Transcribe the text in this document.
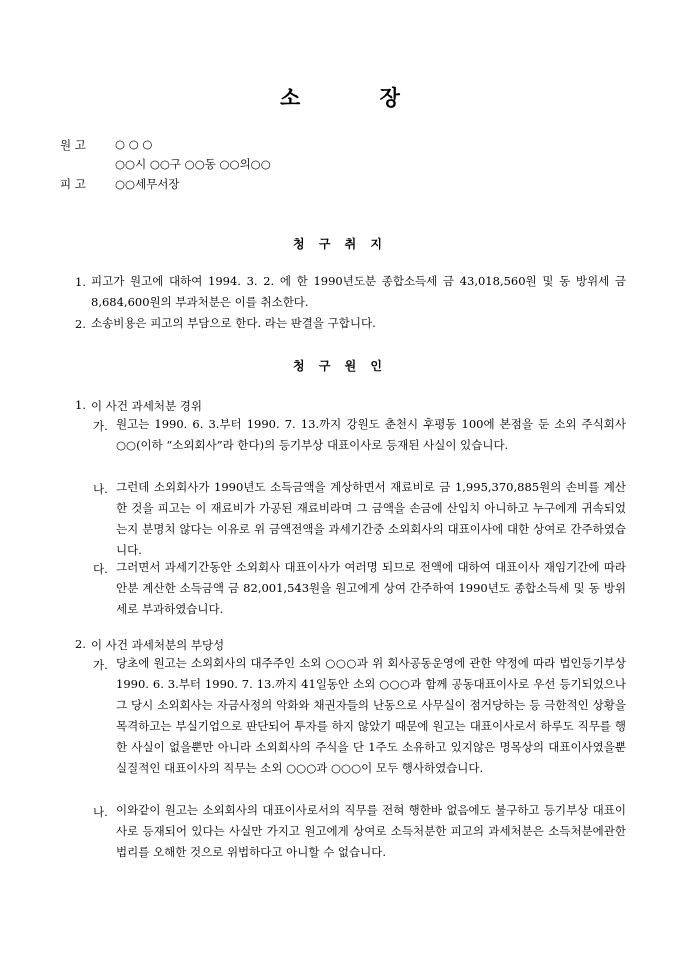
소 장
원 고	○ ○ ○
○○시 ○○구 ○○동 ○○의○○
피 고	○○세무서장
청 구 취 지
1. 피고가 원고에 대하여 1994. 3. 2. 에 한 1990년도분 종합소득세 금 43,018,560원 및 동 방위세 금 8,684,600원의 부과처분은 이를 취소한다.
2. 소송비용은 피고의 부담으로 한다. 라는 판결을 구합니다.
청 구 원 인
1. 이 사건 과세처분 경위
가. 원고는 1990. 6. 3.부터 1990. 7. 13.까지 강원도 춘천시 후평동 100에 본점을 둔 소외 주식회사 ○○(이하 “소외회사”라 한다)의 등기부상 대표이사로 등재된 사실이 있습니다.
나. 그런데 소외회사가 1990년도 소득금액을 계상하면서 재료비로 금 1,995,370,885원의 손비를 계산한 것을 피고는 이 재료비가 가공된 재료비라며 그 금액을 손금에 산입치 아니하고 누구에게 귀속되었는지 분명치 않다는 이유로 위 금액전액을 과세기간중 소외회사의 대표이사에 대한 상여로 간주하였습니다.
다. 그러면서 과세기간동안 소외회사 대표이사가 여러명 되므로 전액에 대하여 대표이사 재임기간에 따라 안분 계산한 소득금액 금 82,001,543원을 원고에게 상여 간주하여 1990년도 종합소득세 및 동 방위세로 부과하였습니다.
2. 이 사건 과세처분의 부당성
가. 당초에 원고는 소외회사의 대주주인 소외 ○○○과 위 회사공동운영에 관한 약정에 따라 법인등기부상 1990. 6. 3.부터 1990. 7. 13.까지 41일동안 소외 ○○○과 함께 공동대표이사로 우선 등기되었으나 그 당시 소외회사는 자금사정의 악화와 채권자들의 난동으로 사무실이 점거당하는 등 극한적인 상황을 목격하고는 부실기업으로 판단되어 투자를 하지 않았기 때문에 원고는 대표이사로서 하루도 직무를 행한 사실이 없을뿐만 아니라 소외회사의 주식을 단 1주도 소유하고 있지않은 명목상의 대표이사였을뿐 실질적인 대표이사의 직무는 소외 ○○○과 ○○○이 모두 행사하였습니다.
나. 이와같이 원고는 소외회사의 대표이사로서의 직무를 전혀 행한바 없음에도 불구하고 등기부상 대표이사로 등재되어 있다는 사실만 가지고 원고에게 상여로 소득처분한 피고의 과세처분은 소득처분에관한법리를 오해한 것으로 위법하다고 아니할 수 없습니다.
